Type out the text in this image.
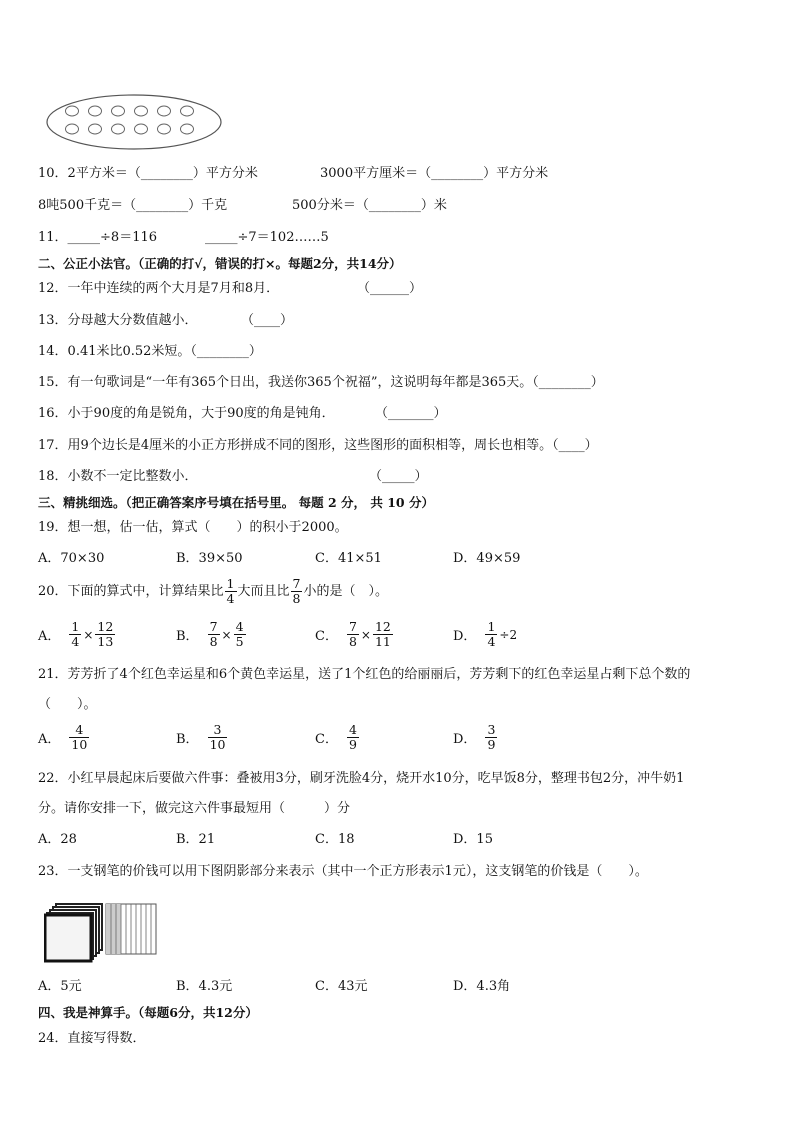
10．2平方米＝（________）平方分米	3000平方厘米＝（________）平方分米
8吨500千克＝（________）千克	500分米＝（________）米
11．_____÷8＝116	_____÷7＝102……5
二、公正小法官。（正确的打√，错误的打×。每题2分，共14分）
12．一年中连续的两个大月是7月和8月．	（______）
13．分母越大分数值越小．	（____）
14．0.41米比0.52米短。（________）
15．有一句歌词是“一年有365个日出，我送你365个祝福”，这说明每年都是365天。（________）
16．小于90度的角是锐角，大于90度的角是钝角．	（_______）
17．用9个边长是4厘米的小正方形拼成不同的图形，这些图形的面积相等，周长也相等。（____）
18．小数不一定比整数小．	（_____）
三、精挑细选。（把正确答案序号填在括号里。 每题 2 分， 共 10 分）
19．想一想，估一估，算式（　　）的积小于2000。
A．70×30	B．39×50	C．41×51	D．49×59
20．下面的算式中，计算结果比 $\frac{1}{4}$ 大而且比 $\frac{7}{8}$ 小的是（　）。
A． $\frac{1}{4} \times \frac{12}{13}$	B． $\frac{7}{8} \times \frac{4}{5}$	C． $\frac{7}{8} \times \frac{12}{11}$	D． $\frac{1}{4} \div 2$
21．芳芳折了4个红色幸运星和6个黄色幸运星，送了1个红色的给丽丽后，芳芳剩下的红色幸运星占剩下总个数的
（　　）。
A． $\frac{4}{10}$	B． $\frac{3}{10}$	C． $\frac{4}{9}$	D． $\frac{3}{9}$
22．小红早晨起床后要做六件事：叠被用3分，刷牙洗脸4分，烧开水10分，吃早饭8分，整理书包2分，冲牛奶1
分。请你安排一下，做完这六件事最短用（　　　）分
A．28	B．21	C．18	D．15
23．一支钢笔的价钱可以用下图阴影部分来表示（其中一个正方形表示1元），这支钢笔的价钱是（　　）。
A．5元	B．4.3元	C．43元	D．4.3角
四、我是神算手。（每题6分，共12分）
24．直接写得数．
